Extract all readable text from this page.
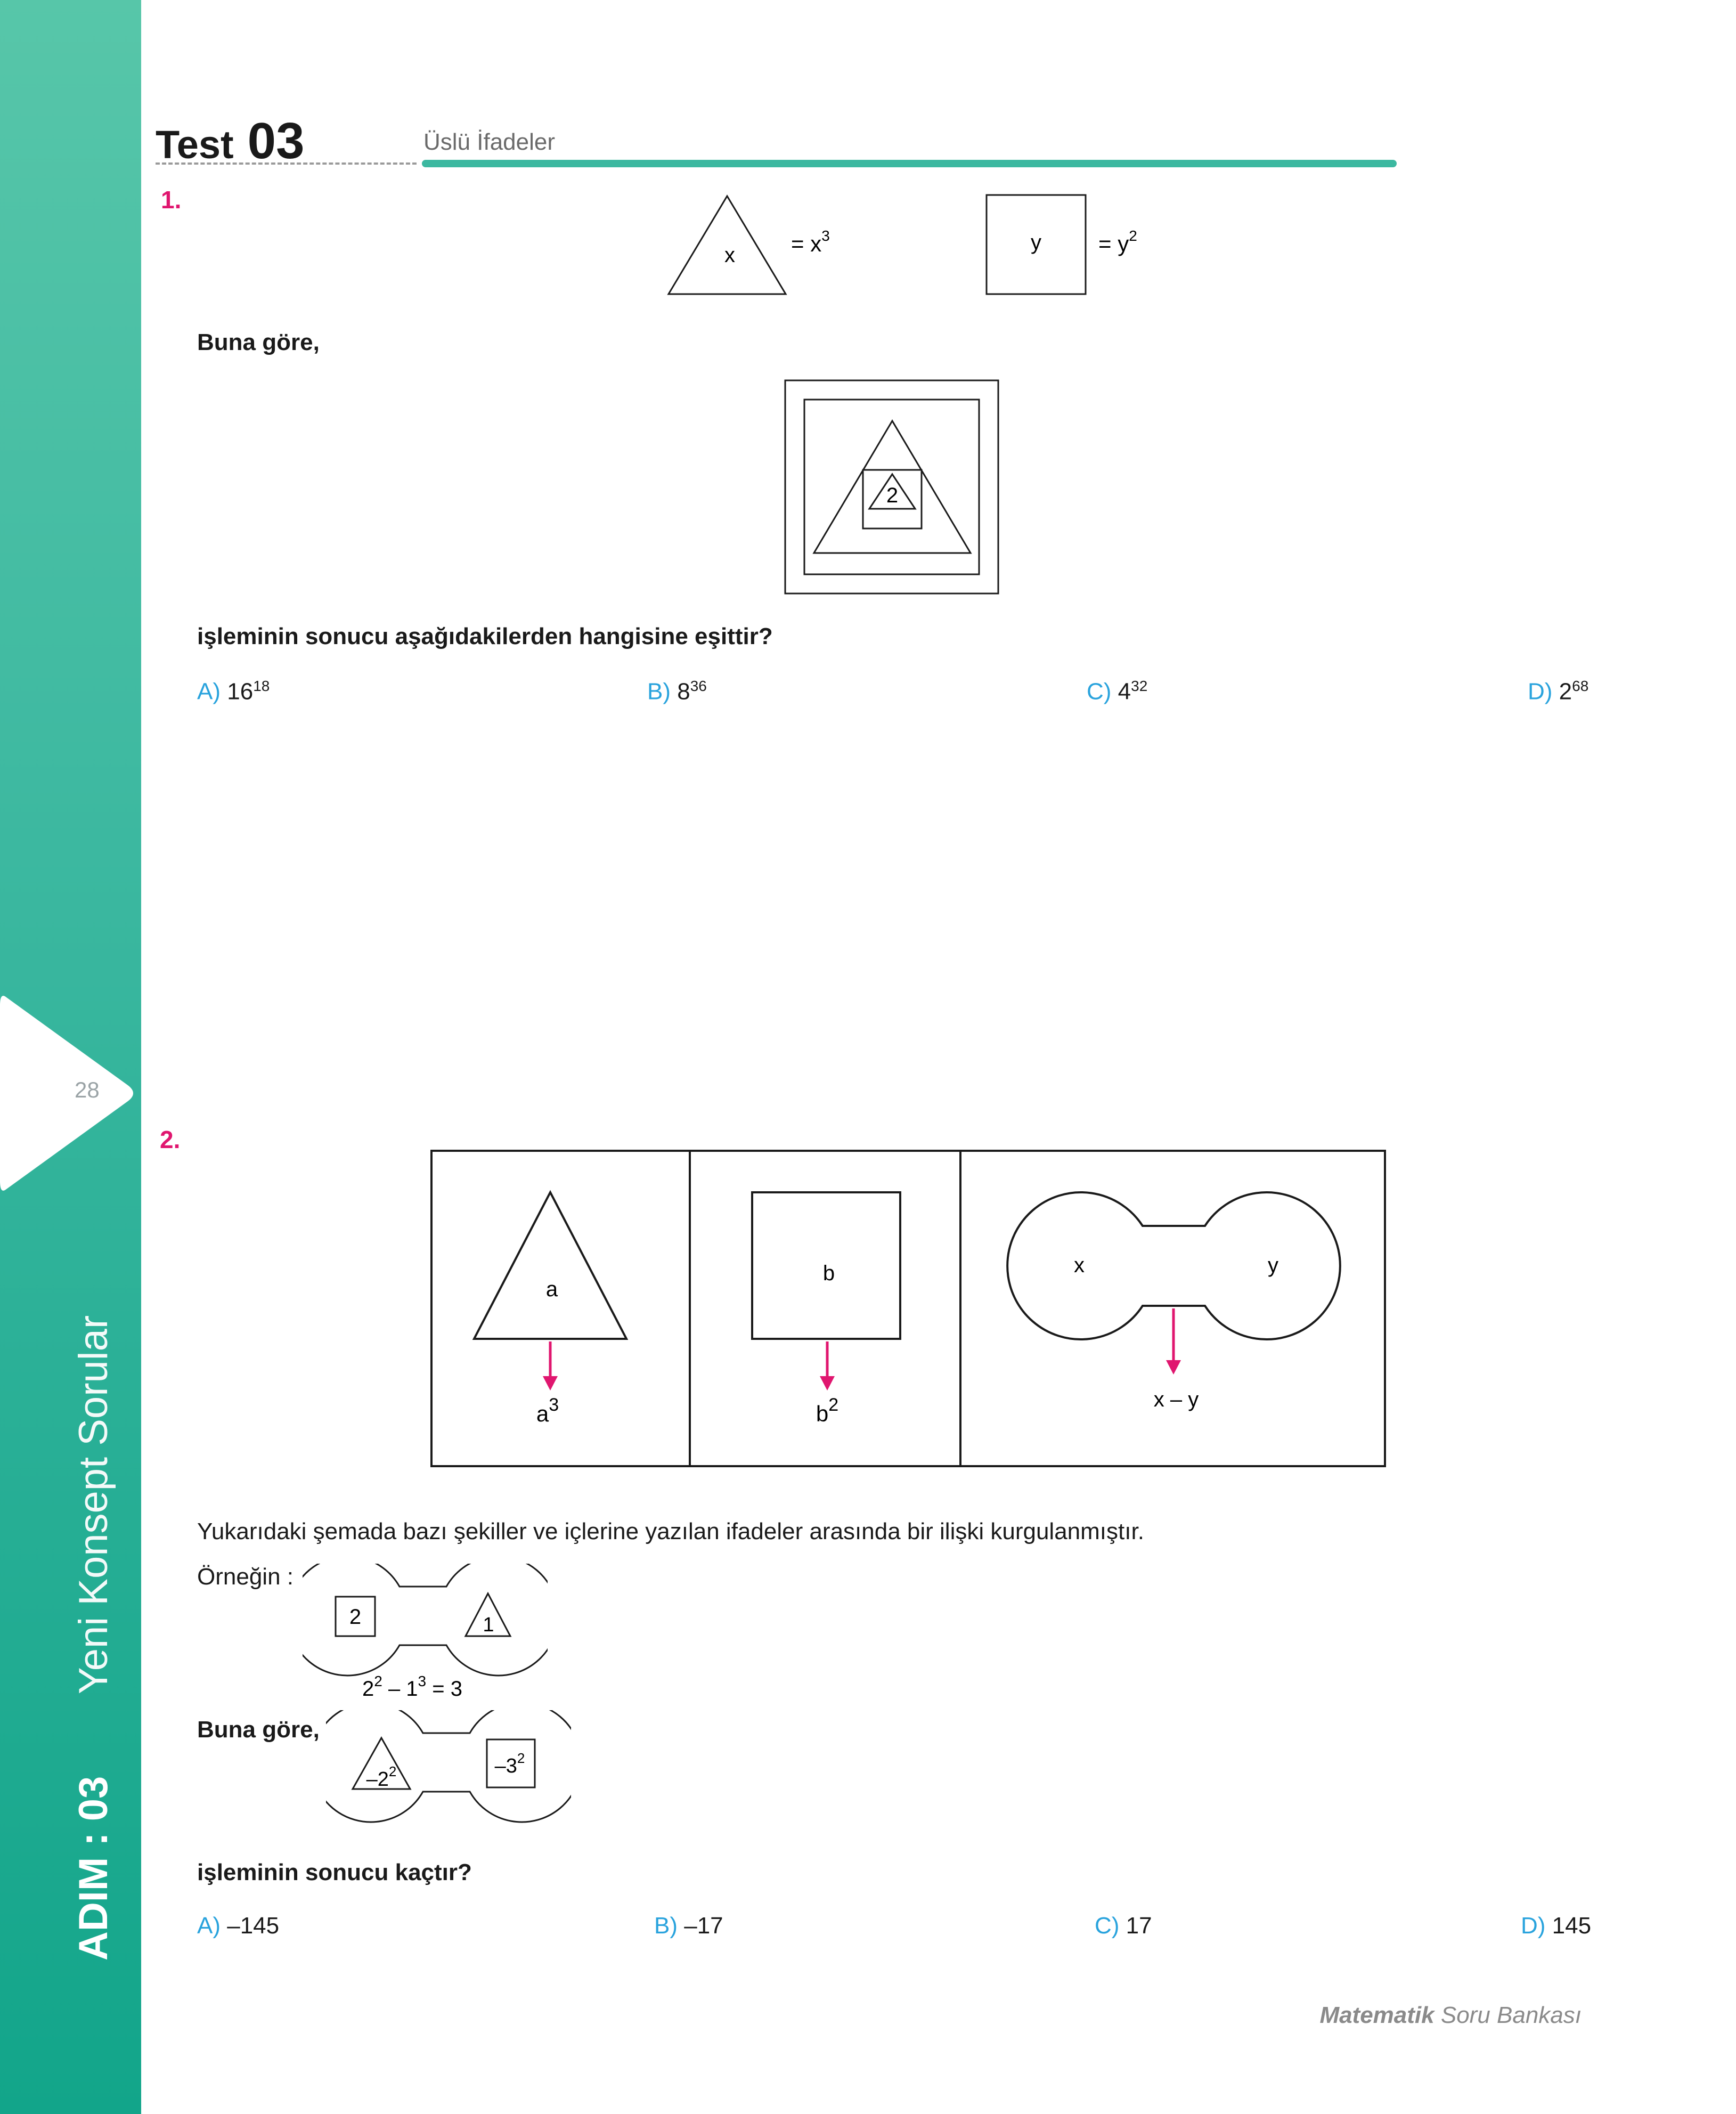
28
Yeni Konsept Sorular
ADIM : 03
Test 03	Üslü İfadeler
1.
x	= $x^3$	y	= $y^2$
Buna göre,
2
işleminin sonucu aşağıdakilerden hangisine eşittir?
A) $16^{18}$	B) $8^{36}$	C) $4^{32}$	D) $2^{68}$
2.
a
$a^3$
b
$b^2$
x	y
x – y
Yukarıdaki şemada bazı şekiller ve içlerine yazılan ifadeler arasında bir ilişki kurgulanmıştır.
Örneğin :
2	1
$2^2 - 1^3 = 3$
Buna göre,
$-2^2$	$-3^2$
işleminin sonucu kaçtır?
A) –145	B) –17	C) 17	D) 145
Matematik Soru Bankası
